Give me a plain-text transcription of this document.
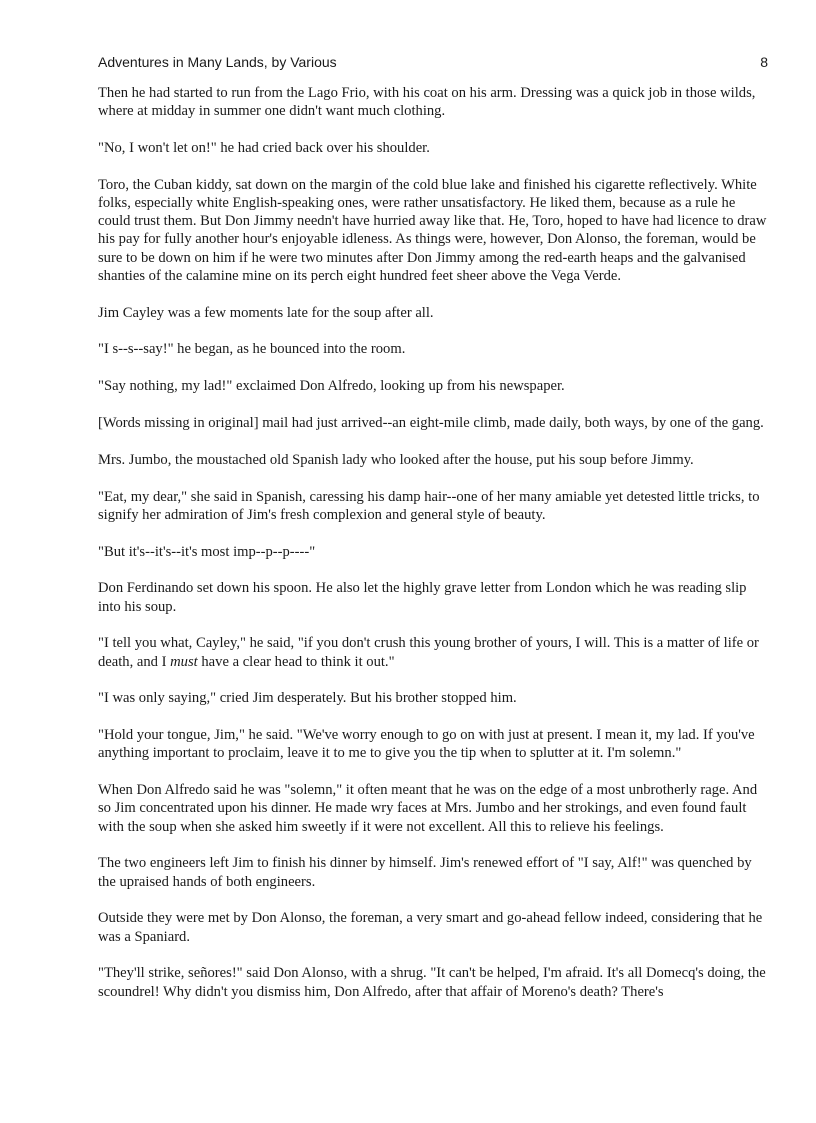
Adventures in Many Lands, by Various	8

Then he had started to run from the Lago Frio, with his coat on his arm. Dressing was a quick job in those wilds, where at midday in summer one didn't want much clothing.

"No, I won't let on!" he had cried back over his shoulder.

Toro, the Cuban kiddy, sat down on the margin of the cold blue lake and finished his cigarette reflectively. White folks, especially white English-speaking ones, were rather unsatisfactory. He liked them, because as a rule he could trust them. But Don Jimmy needn't have hurried away like that. He, Toro, hoped to have had licence to draw his pay for fully another hour's enjoyable idleness. As things were, however, Don Alonso, the foreman, would be sure to be down on him if he were two minutes after Don Jimmy among the red-earth heaps and the galvanised shanties of the calamine mine on its perch eight hundred feet sheer above the Vega Verde.

Jim Cayley was a few moments late for the soup after all.

"I s--s--say!" he began, as he bounced into the room.

"Say nothing, my lad!" exclaimed Don Alfredo, looking up from his newspaper.

[Words missing in original] mail had just arrived--an eight-mile climb, made daily, both ways, by one of the gang.

Mrs. Jumbo, the moustached old Spanish lady who looked after the house, put his soup before Jimmy.

"Eat, my dear," she said in Spanish, caressing his damp hair--one of her many amiable yet detested little tricks, to signify her admiration of Jim's fresh complexion and general style of beauty.

"But it's--it's--it's most imp--p--p----"

Don Ferdinando set down his spoon. He also let the highly grave letter from London which he was reading slip into his soup.

"I tell you what, Cayley," he said, "if you don't crush this young brother of yours, I will. This is a matter of life or death, and I must have a clear head to think it out."

"I was only saying," cried Jim desperately. But his brother stopped him.

"Hold your tongue, Jim," he said. "We've worry enough to go on with just at present. I mean it, my lad. If you've anything important to proclaim, leave it to me to give you the tip when to splutter at it. I'm solemn."

When Don Alfredo said he was "solemn," it often meant that he was on the edge of a most unbrotherly rage. And so Jim concentrated upon his dinner. He made wry faces at Mrs. Jumbo and her strokings, and even found fault with the soup when she asked him sweetly if it were not excellent. All this to relieve his feelings.

The two engineers left Jim to finish his dinner by himself. Jim's renewed effort of "I say, Alf!" was quenched by the upraised hands of both engineers.

Outside they were met by Don Alonso, the foreman, a very smart and go-ahead fellow indeed, considering that he was a Spaniard.

"They'll strike, señores!" said Don Alonso, with a shrug. "It can't be helped, I'm afraid. It's all Domecq's doing, the scoundrel! Why didn't you dismiss him, Don Alfredo, after that affair of Moreno's death? There's
